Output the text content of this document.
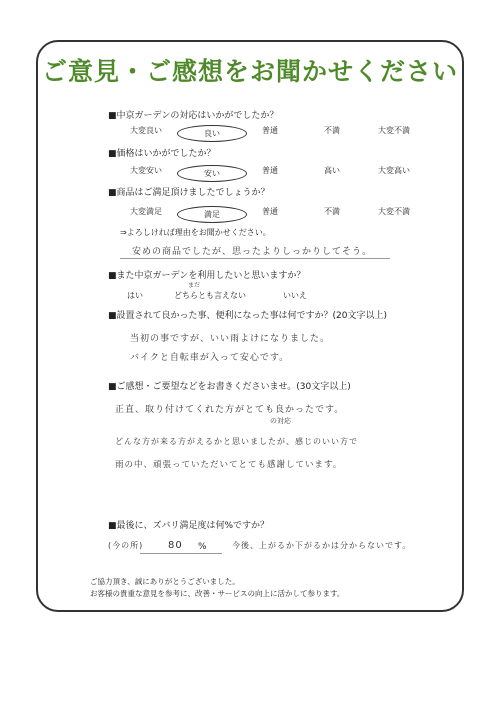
ご意見・ご感想をお聞かせください
■中京ガーデンの対応はいかがでしたか？
大変良い	良い	普通	不満	大変不満
■価格はいかがでしたか？
大変安い	安い	普通	高い	大変高い
■商品はご満足頂けましたでしょうか？
大変満足	満足	普通	不満	大変不満
⇒よろしければ理由をお聞かせください。
安めの商品でしたが、思ったよりしっかりしてそう。
■また中京ガーデンを利用したいと思いますか？
まだ
はい	どちらとも言えない	いいえ
■設置されて良かった事、便利になった事は何ですか？(20文字以上)
当初の事ですが、いい雨よけになりました。
バイクと自転車が入って安心です。
■ご感想・ご要望などをお書きくださいませ。(30文字以上)
正直、取り付けてくれた方がとても良かったです。
の対応
どんな方が来る方がえるかと思いましたが、感じのいい方で
雨の中、頑張っていただいてとても感謝しています。
■最後に、ズバリ満足度は何%ですか？
(今の所) 80 %	今後、上がるか下がるかは分からないです。
ご協力頂き、誠にありがとうございました。
お客様の貴重な意見を参考に、改善・サービスの向上に活かして参ります。
